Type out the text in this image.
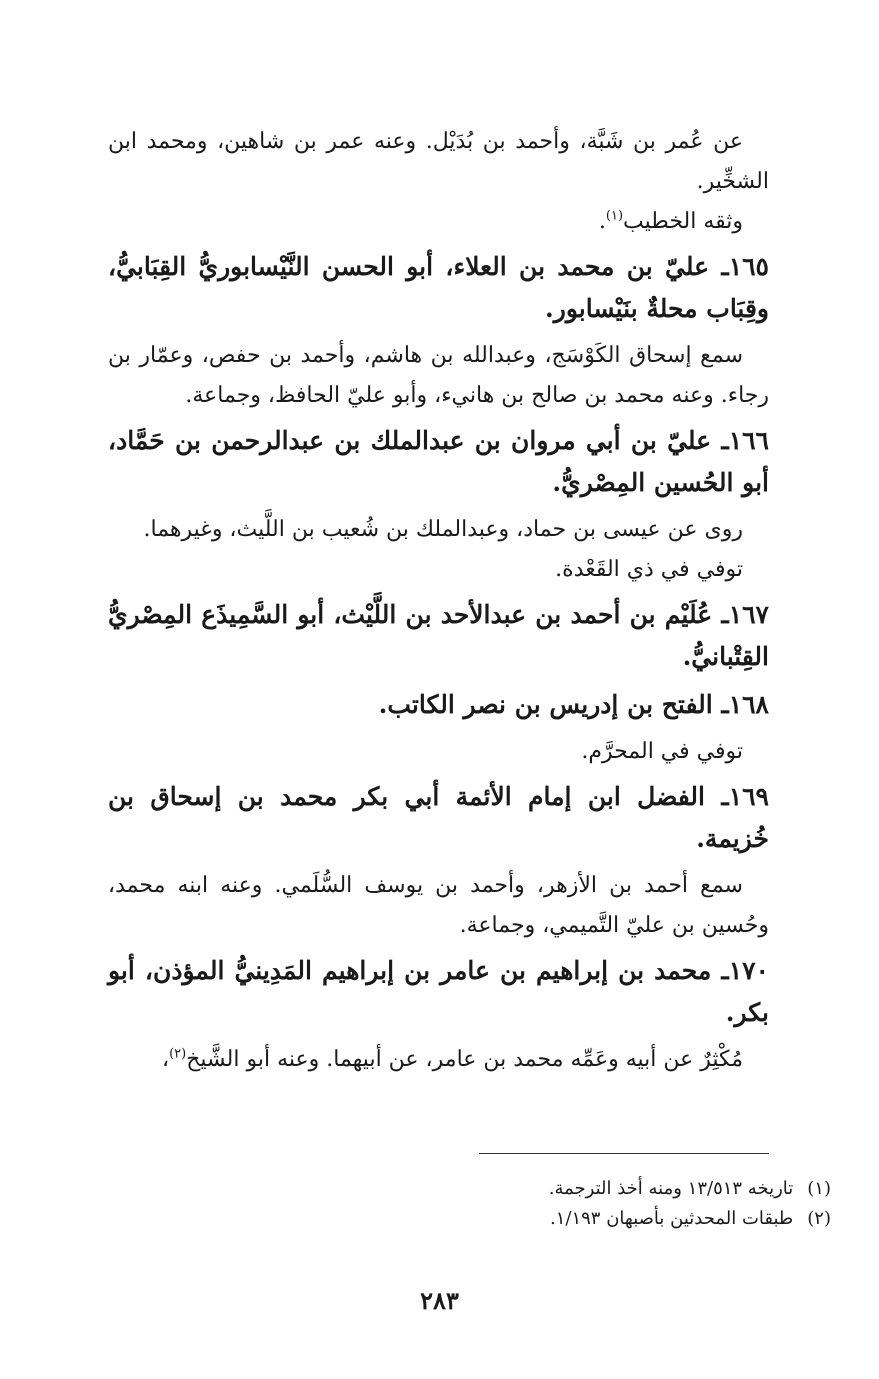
عن عُمر بن شَبَّة، وأحمد بن بُدَيْل. وعنه عمر بن شاهين، ومحمد ابن الشخِّير.

وثقه الخطيب$^{(١)}$.

١٦٥ـ عليّ بن محمد بن العلاء، أبو الحسن النَّيْسابوريُّ القِبَابيُّ، وقِبَاب محلةٌ بنَيْسابور.

سمع إسحاق الكَوْسَج، وعبدالله بن هاشم، وأحمد بن حفص، وعمّار بن رجاء. وعنه محمد بن صالح بن هانيء، وأبو عليّ الحافظ، وجماعة.

١٦٦ـ عليّ بن أبي مروان بن عبدالملك بن عبدالرحمن بن حَمَّاد، أبو الحُسين المِصْريُّ.

روى عن عيسى بن حماد، وعبدالملك بن شُعيب بن اللَّيث، وغيرهما.

توفي في ذي القَعْدة.

١٦٧ـ عُلَيْم بن أحمد بن عبدالأحد بن اللَّيْث، أبو السَّمِيذَع المِصْريُّ القِتْبانيُّ.

١٦٨ـ الفتح بن إدريس بن نصر الكاتب.

توفي في المحرَّم.

١٦٩ـ الفضل ابن إمام الأئمة أبي بكر محمد بن إسحاق بن خُزيمة.

سمع أحمد بن الأزهر، وأحمد بن يوسف السُّلَمي. وعنه ابنه محمد، وحُسين بن عليّ التَّميمي، وجماعة.

١٧٠ـ محمد بن إبراهيم بن عامر بن إبراهيم المَدِينيُّ المؤذن، أبو بكر.

مُكْثِرٌ عن أبيه وعَمِّه محمد بن عامر، عن أبيهما. وعنه أبو الشَّيخ$^{(٢)}$،

(١)تاريخه ١٣/٥١٣ ومنه أخذ الترجمة.

(٢)طبقات المحدثين بأصبهان ١/١٩٣.

٢٨٣
